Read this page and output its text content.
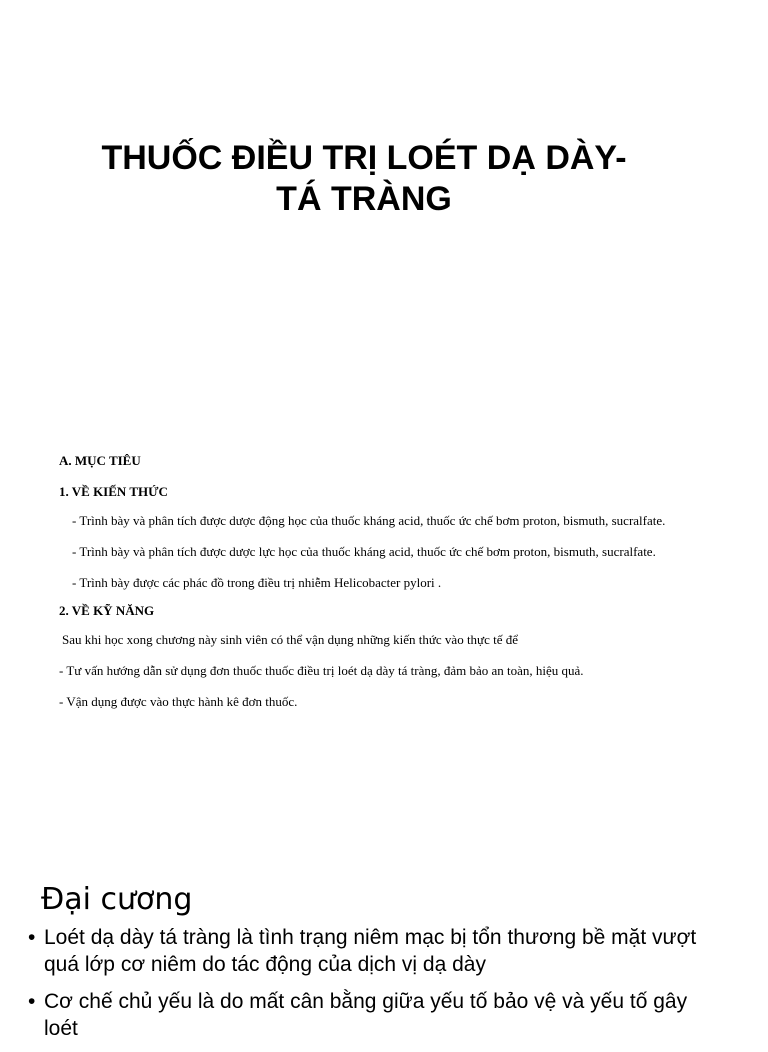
THUỐC ĐIỀU TRỊ LOÉT DẠ DÀY-
TÁ TRÀNG

A. MỤC TIÊU

1. VỀ KIẾN THỨC

- Trình bày và phân tích được dược động học của thuốc kháng acid, thuốc ức chế bơm proton, bismuth, sucralfate.

- Trình bày và phân tích được dược lực học của thuốc kháng acid, thuốc ức chế bơm proton, bismuth, sucralfate.

- Trình bày được các phác đồ trong điều trị nhiễm Helicobacter pylori .

2. VỀ KỸ NĂNG

Sau khi học xong chương này sinh viên có thể vận dụng những kiến thức vào thực tế để

- Tư vấn hướng dẫn sử dụng đơn thuốc thuốc điều trị loét dạ dày tá tràng, đảm bảo an toàn, hiệu quả.

- Vận dụng được vào thực hành kê đơn thuốc.

Đại cương
• Loét dạ dày tá tràng là tình trạng niêm mạc bị tổn thương bề mặt vượt quá lớp cơ niêm do tác động của dịch vị dạ dày
• Cơ chế chủ yếu là do mất cân bằng giữa yếu tố bảo vệ và yếu tố gây loét
